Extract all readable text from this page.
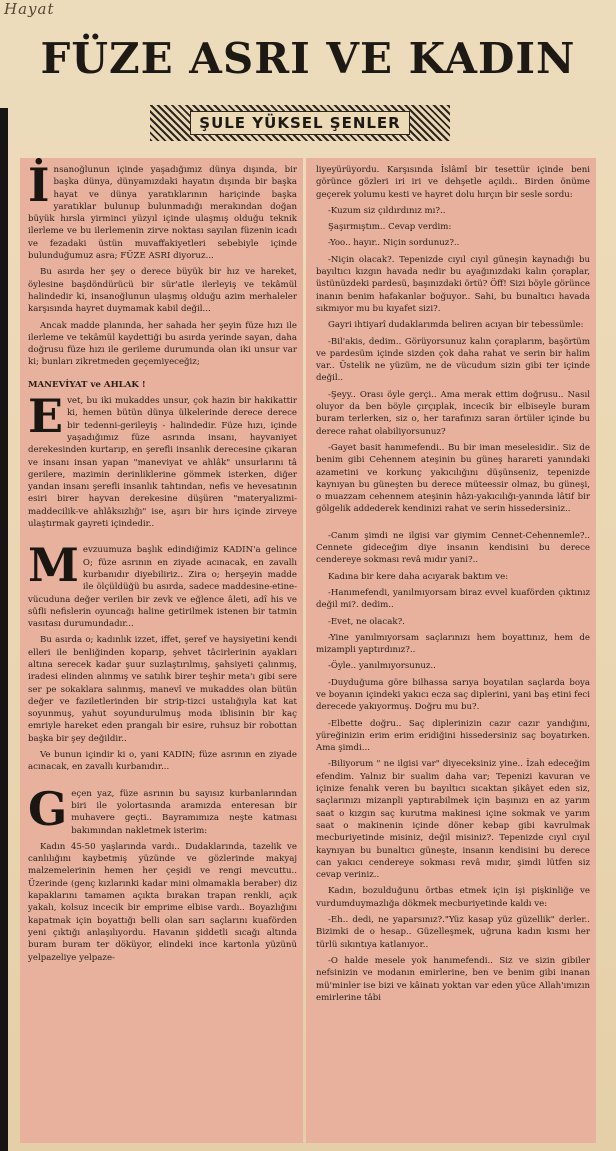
Hayat
FÜZE ASRI VE KADIN
ŞULE YÜKSEL ŞENLER

İnsanoğlunun içinde yaşadığımız dünya dışında, bir başka dünya, dünyamızdaki hayatın dışında bir başka hayat ve dünya yaratıklarının hariçinde başka yaratıklar bulunup bulunmadığı merakından doğan büyük hırsla yirminci yüzyıl içinde ulaşmış olduğu teknik ilerleme ve bu ilerlemenin zirve noktası sayılan füzenin icadı ve fezadaki üstün muvaffakiyetleri sebebiyle içinde bulunduğumuz asra; FÜZE ASRI diyoruz...

Bu asırda her şey o derece büyük bir hız ve hareket, öylesine başdöndürücü bir sür'atle ilerleyiş ve tekâmül halindedir ki, insanoğlunun ulaşmış olduğu azim merhaleler karşısında hayret duymamak kabil değil...

Ancak madde planında, her sahada her şeyin füze hızı ile ilerleme ve tekâmül kaydettiği bu asırda yerinde sayan, daha doğrusu füze hızı ile gerileme durumunda olan iki unsur var ki; bunları zikretmeden geçemiyeceğiz;

MANEVİYAT ve AHLAK !

Evet, bu iki mukaddes unsur, çok hazin bir hakikattir ki, hemen bütün dünya ülkelerinde derece derece bir tedenni-gerileyiş - halindedir. Füze hızı, içinde yaşadığımız füze asrında insanı, hayvaniyet derekesinden kurtarıp, en şerefli insanlık derecesine çıkaran ve insanı insan yapan "maneviyat ve ahlâk" unsurlarını tâ gerilere, mazimin derinliklerine gömmek isterken, diğer yandan insanı şerefli insanlık tahtından, nefis ve hevesatının esiri birer hayvan derekesine düşüren "materyalizmi- maddecilik-ve ahlâksızlığı" ise, aşırı bir hırs içinde zirveye ulaştırmak gayreti içindedir..

Mevzuumuza başlık edindiğimiz KADIN'a gelince O; füze asrının en ziyade acınacak, en zavallı kurbanıdır diyebiliriz.. Zira o; herşeyin madde ile ölçüldüğü bu asırda, sadece maddesine-etine-vücuduna değer verilen bir zevk ve eğlence âleti, adî his ve sûfli nefislerin oyuncağı haline getirilmek istenen bir tatmin vasıtası durumundadır...

Bu asırda o; kadınlık izzet, iffet, şeref ve haysiyetini kendi elleri ile benliğinden koparıp, şehvet tâcirlerinin ayakları altına serecek kadar şuur suzlaştırılmış, şahsiyeti çalınmış, iradesi elinden alınmış ve satılık birer teşhir meta'ı gibi sere ser pe sokaklara salınmış, manevî ve mukaddes olan bütün değer ve faziletlerinden bir strip-tizci ustalığıyla kat kat soyunmuş, yahut soyundurulmuş moda iblisinin bir kaç emriyle hareket eden prangalı bir esire, ruhsuz bir robottan başka bir şey değildir..

Ve bunun içindir ki o, yani KADIN; füze asrının en ziyade acınacak, en zavallı kurbanıdır...

Geçen yaz, füze asrının bu sayısız kurbanlarından biri ile yolortasında aramızda enteresan bir muhavere geçti.. Bayramımıza neşte katması bakımından nakletmek isterim:

Kadın 45-50 yaşlarında vardı.. Dudaklarında, tazelik ve canlılığını kaybetmiş yüzünde ve gözlerinde makyaj malzemelerinin hemen her çeşidi ve rengi mevcuttu.. Üzerinde (genç kızlarınki kadar mini olmamakla beraber) diz kapaklarını tamamen açıkta bırakan trapan renkli, açık yakalı, kolsuz incecik bir emprime elbise vardı.. Boyazlığını kapatmak için boyattığı belli olan sarı saçlarını kuaförden yeni çıktığı anlaşılıyordu. Havanın şiddetli sıcağı altında buram buram ter döküyor, elindeki ince kartonla yüzünü yelpazeliye yelpaze-

liyeyürüyordu. Karşısında İslâmî bir tesettür içinde beni görünce gözleri iri iri ve dehşetle açıldı.. Birden önüme geçerek yolumu kesti ve hayret dolu hırçın bir sesle sordu:

-Kuzum siz çıldırdınız mı?..

Şaşırmıştım.. Cevap verdim:

-Yoo.. hayır.. Niçin sordunuz?..

-Niçin olacak?. Tepenizde cıyıl cıyıl güneşin kaynadığı bu bayıltıcı kızgın havada nedir bu ayağınızdaki kalın çoraplar, üstünüzdeki pardesü, başınızdaki örtü? Öff! Sizi böyle görünce inanın benim hafakanlar boğuyor.. Sahi, bu bunaltıcı havada sıkmıyor mu bu kıyafet sizi?.

Gayri ihtiyarî dudaklarımda beliren acıyan bir tebessümle:

-Bil'akis, dedim.. Görüyorsunuz kalın çoraplarım, başörtüm ve pardesüm içinde sizden çok daha rahat ve serin bir halim var.. Üstelik ne yüzüm, ne de vücudum sizin gibi ter içinde değil..

-Şeyy.. Orası öyle gerçi.. Ama merak ettim doğrusu.. Nasıl oluyor da ben böyle çırçıplak, incecik bir elbiseyle buram buram terlerken, siz o, her tarafınızı saran örtüler içinde bu derece rahat olabiliyorsunuz?

-Gayet basit hanımefendi.. Bu bir iman meselesidir.. Siz de benim gibi Cehennem ateşinin bu güneş harareti yanındaki azametini ve korkunç yakıcılığını düşünseniz, tepenizde kaynıyan bu güneşten bu derece müteessir olmaz, bu güneşi, o muazzam cehennem ateşinin hâzı-yakıcılığı-yanında lâtif bir gölgelik addederek kendinizi rahat ve serin hissedersiniz..

-Canım şimdi ne ilgisi var giymim Cennet-Cehennemle?.. Cennete gideceğim diye insanın kendisini bu derece cendereye sokması revâ mıdır yani?..

Kadına bir kere daha acıyarak baktım ve:

-Hanımefendi, yanılmıyorsam biraz evvel kuaförden çıktınız değil mi?. dedim..

-Evet, ne olacak?.

-Yine yanılmıyorsam saçlarınızı hem boyattınız, hem de mizampli yaptırdınız?..

-Öyle.. yanılmıyorsunuz..

-Duyduğuma göre bilhassa sarıya boyatılan saçlarda boya ve boyanın içindeki yakıcı ecza saç diplerini, yani baş etini feci derecede yakıyormuş. Doğru mu bu?.

-Elbette doğru.. Saç diplerinizin cazır cazır yandığını, yüreğinizin erim erim eridiğini hissedersiniz saç boyatırken. Ama şimdi...

-Biliyorum " ne ilgisi var" diyeceksiniz yine.. İzah edeceğim efendim. Yalnız bir sualim daha var; Tepenizi kavuran ve içinize fenalık veren bu bayıltıcı sıcaktan şikâyet eden siz, saçlarınızı mizanpli yaptırabilmek için başınızı en az yarım saat o kızgın saç kurutma makinesi içine sokmak ve yarım saat o makinenin içinde döner kebap gibi kavrulmak mecburiyetinde misiniz, değil misiniz?. Tepenizde cıyıl cıyıl kaynıyan bu bunaltıcı güneşte, insanın kendisini bu derece can yakıcı cendereye sokması revâ mıdır, şimdi lütfen siz cevap veriniz..

Kadın, bozulduğunu örtbas etmek için işi pişkinliğe ve vurdumduymazlığa dökmek mecburiyetinde kaldı ve:

-Eh.. dedi, ne yaparsınız?."Yüz kasap yüz güzellik" derler.. Bizimki de o hesap.. Güzelleşmek, uğruna kadın kısmı her türlü sıkıntıya katlanıyor..

-O halde mesele yok hanımefendi.. Siz ve sizin gibiler nefsinizin ve modanın emirlerine, ben ve benim gibi inanan mü'minler ise bizi ve kâinatı yoktan var eden yüce Allah'ımızın emirlerine tâbi
